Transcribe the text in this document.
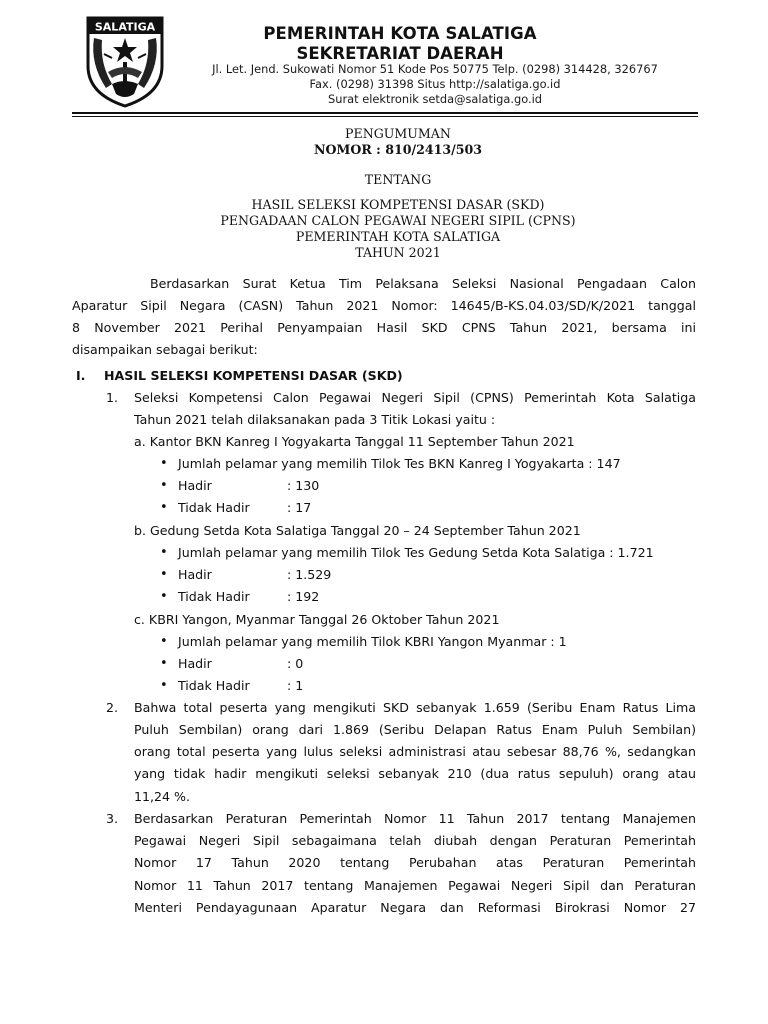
SALATIGA	PEMERINTAH KOTA SALATIGA
SEKRETARIAT DAERAH
Jl. Let. Jend. Sukowati Nomor 51 Kode Pos 50775 Telp. (0298) 314428, 326767
Fax. (0298) 31398 Situs http://salatiga.go.id
Surat elektronik setda@salatiga.go.id
PENGUMUMAN
NOMOR : 810/2413/503
TENTANG
HASIL SELEKSI KOMPETENSI DASAR (SKD)
PENGADAAN CALON PEGAWAI NEGERI SIPIL (CPNS)
PEMERINTAH KOTA SALATIGA
TAHUN 2021
Berdasarkan Surat Ketua Tim Pelaksana Seleksi Nasional Pengadaan Calon
Aparatur Sipil Negara (CASN) Tahun 2021 Nomor: 14645/B-KS.04.03/SD/K/2021 tanggal
8 November 2021 Perihal Penyampaian Hasil SKD CPNS Tahun 2021, bersama ini
disampaikan sebagai berikut:
I. HASIL SELEKSI KOMPETENSI DASAR (SKD)
1. Seleksi Kompetensi Calon Pegawai Negeri Sipil (CPNS) Pemerintah Kota Salatiga
Tahun 2021 telah dilaksanakan pada 3 Titik Lokasi yaitu :
a. Kantor BKN Kanreg I Yogyakarta Tanggal 11 September Tahun 2021
• Jumlah pelamar yang memilih Tilok Tes BKN Kanreg I Yogyakarta : 147
• Hadir	: 130
• Tidak Hadir	: 17
b. Gedung Setda Kota Salatiga Tanggal 20 – 24 September Tahun 2021
• Jumlah pelamar yang memilih Tilok Tes Gedung Setda Kota Salatiga : 1.721
• Hadir	: 1.529
• Tidak Hadir	: 192
c. KBRI Yangon, Myanmar Tanggal 26 Oktober Tahun 2021
• Jumlah pelamar yang memilih Tilok KBRI Yangon Myanmar : 1
• Hadir	: 0
• Tidak Hadir	: 1
2. Bahwa total peserta yang mengikuti SKD sebanyak 1.659 (Seribu Enam Ratus Lima
Puluh Sembilan) orang dari 1.869 (Seribu Delapan Ratus Enam Puluh Sembilan)
orang total peserta yang lulus seleksi administrasi atau sebesar 88,76 %, sedangkan
yang tidak hadir mengikuti seleksi sebanyak 210 (dua ratus sepuluh) orang atau
11,24 %.
3. Berdasarkan Peraturan Pemerintah Nomor 11 Tahun 2017 tentang Manajemen
Pegawai Negeri Sipil sebagaimana telah diubah dengan Peraturan Pemerintah
Nomor 17 Tahun 2020 tentang Perubahan atas Peraturan Pemerintah
Nomor 11 Tahun 2017 tentang Manajemen Pegawai Negeri Sipil dan Peraturan
Menteri Pendayagunaan Aparatur Negara dan Reformasi Birokrasi Nomor 27
